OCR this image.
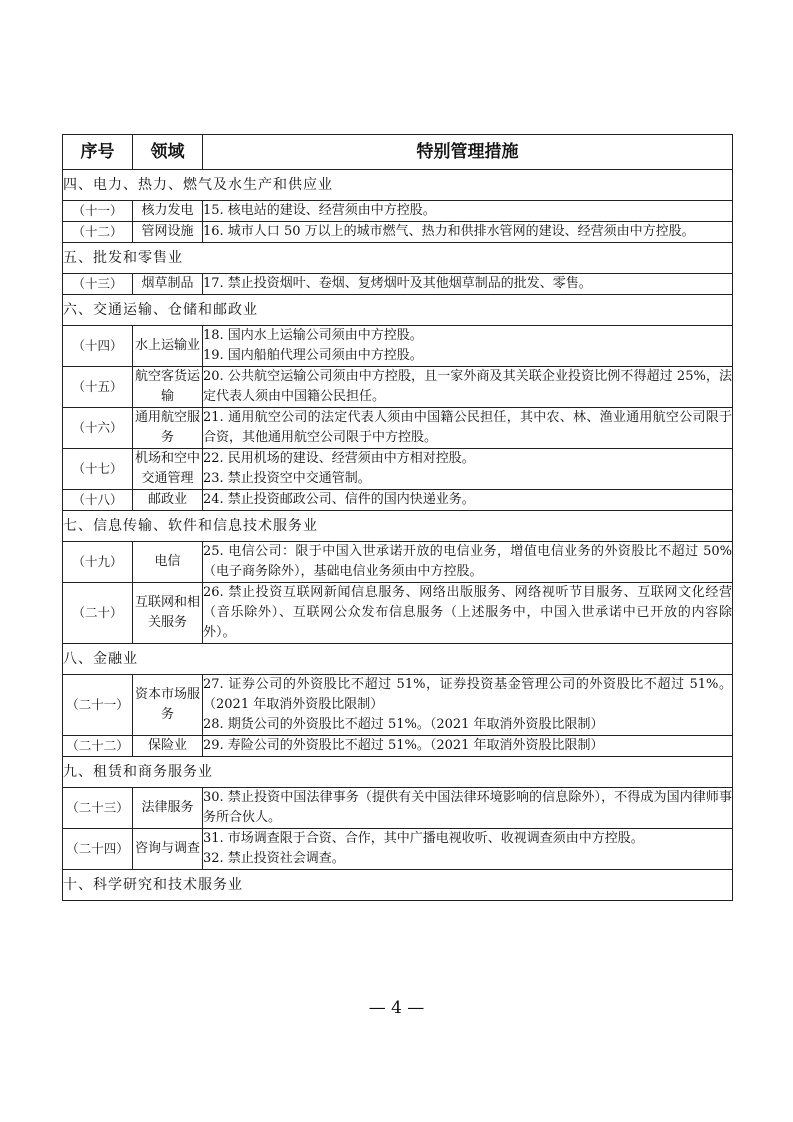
序号	领域	特别管理措施
四、电力、热力、燃气及水生产和供应业		
（十一）	核力发电	15. 核电站的建设、经营须由中方控股。

（十二）	管网设施	16. 城市人口 50 万以上的城市燃气、热力和供排水管网的建设、经营须由中方控股。

五、批发和零售业		
（十三）	烟草制品	17. 禁止投资烟叶、卷烟、复烤烟叶及其他烟草制品的批发、零售。

六、交通运输、仓储和邮政业		
（十四）	水上运输业	18. 国内水上运输公司须由中方控股。
19. 国内船舶代理公司须由中方控股。

（十五）	航空客货运输	20. 公共航空运输公司须由中方控股，且一家外商及其关联企业投资比例不得超过 25%，法定代表人须由中国籍公民担任。

（十六）	通用航空服务	21. 通用航空公司的法定代表人须由中国籍公民担任，其中农、林、渔业通用航空公司限于合资，其他通用航空公司限于中方控股。

（十七）	机场和空中交通管理	22. 民用机场的建设、经营须由中方相对控股。
23. 禁止投资空中交通管制。

（十八）	邮政业	24. 禁止投资邮政公司、信件的国内快递业务。

七、信息传输、软件和信息技术服务业		
（十九）	电信	25. 电信公司：限于中国入世承诺开放的电信业务，增值电信业务的外资股比不超过 50%（电子商务除外），基础电信业务须由中方控股。

（二十）	互联网和相关服务	26. 禁止投资互联网新闻信息服务、网络出版服务、网络视听节目服务、互联网文化经营（音乐除外）、互联网公众发布信息服务（上述服务中，中国入世承诺中已开放的内容除外）。

八、金融业		
（二十一）	资本市场服务	27. 证券公司的外资股比不超过 51%，证券投资基金管理公司的外资股比不超过 51%。（2021 年取消外资股比限制）
28. 期货公司的外资股比不超过 51%。（2021 年取消外资股比限制）

（二十二）	保险业	29. 寿险公司的外资股比不超过 51%。（2021 年取消外资股比限制）

九、租赁和商务服务业		
（二十三）	法律服务	30. 禁止投资中国法律事务（提供有关中国法律环境影响的信息除外），不得成为国内律师事务所合伙人。

（二十四）	咨询与调查	31. 市场调查限于合资、合作，其中广播电视收听、收视调查须由中方控股。
32. 禁止投资社会调查。

十、科学研究和技术服务业		
— 4 —
